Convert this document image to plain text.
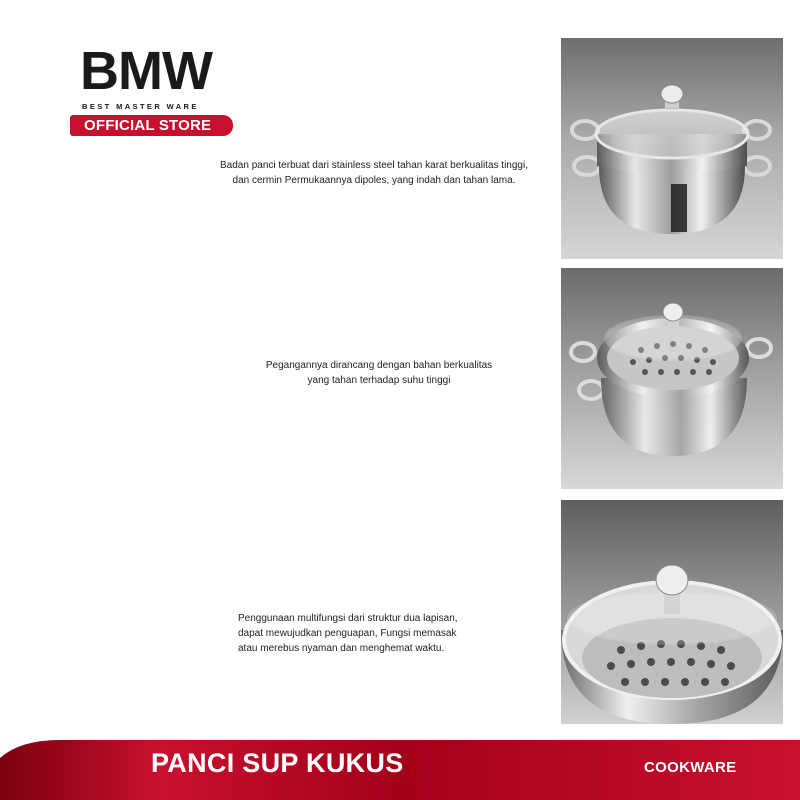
BMW
BEST MASTER WARE
OFFICIAL STORE
Badan panci terbuat dari stainless steel tahan karat berkualitas tinggi,
dan cermin Permukaannya dipoles, yang indah dan tahan lama.
Pegangannya dirancang dengan bahan berkualitas
yang tahan terhadap suhu tinggi
Penggunaan multifungsi dari struktur dua lapisan,
dapat mewujudkan penguapan, Fungsi memasak
atau merebus nyaman dan menghemat waktu.
PANCI SUP KUKUS	COOKWARE
